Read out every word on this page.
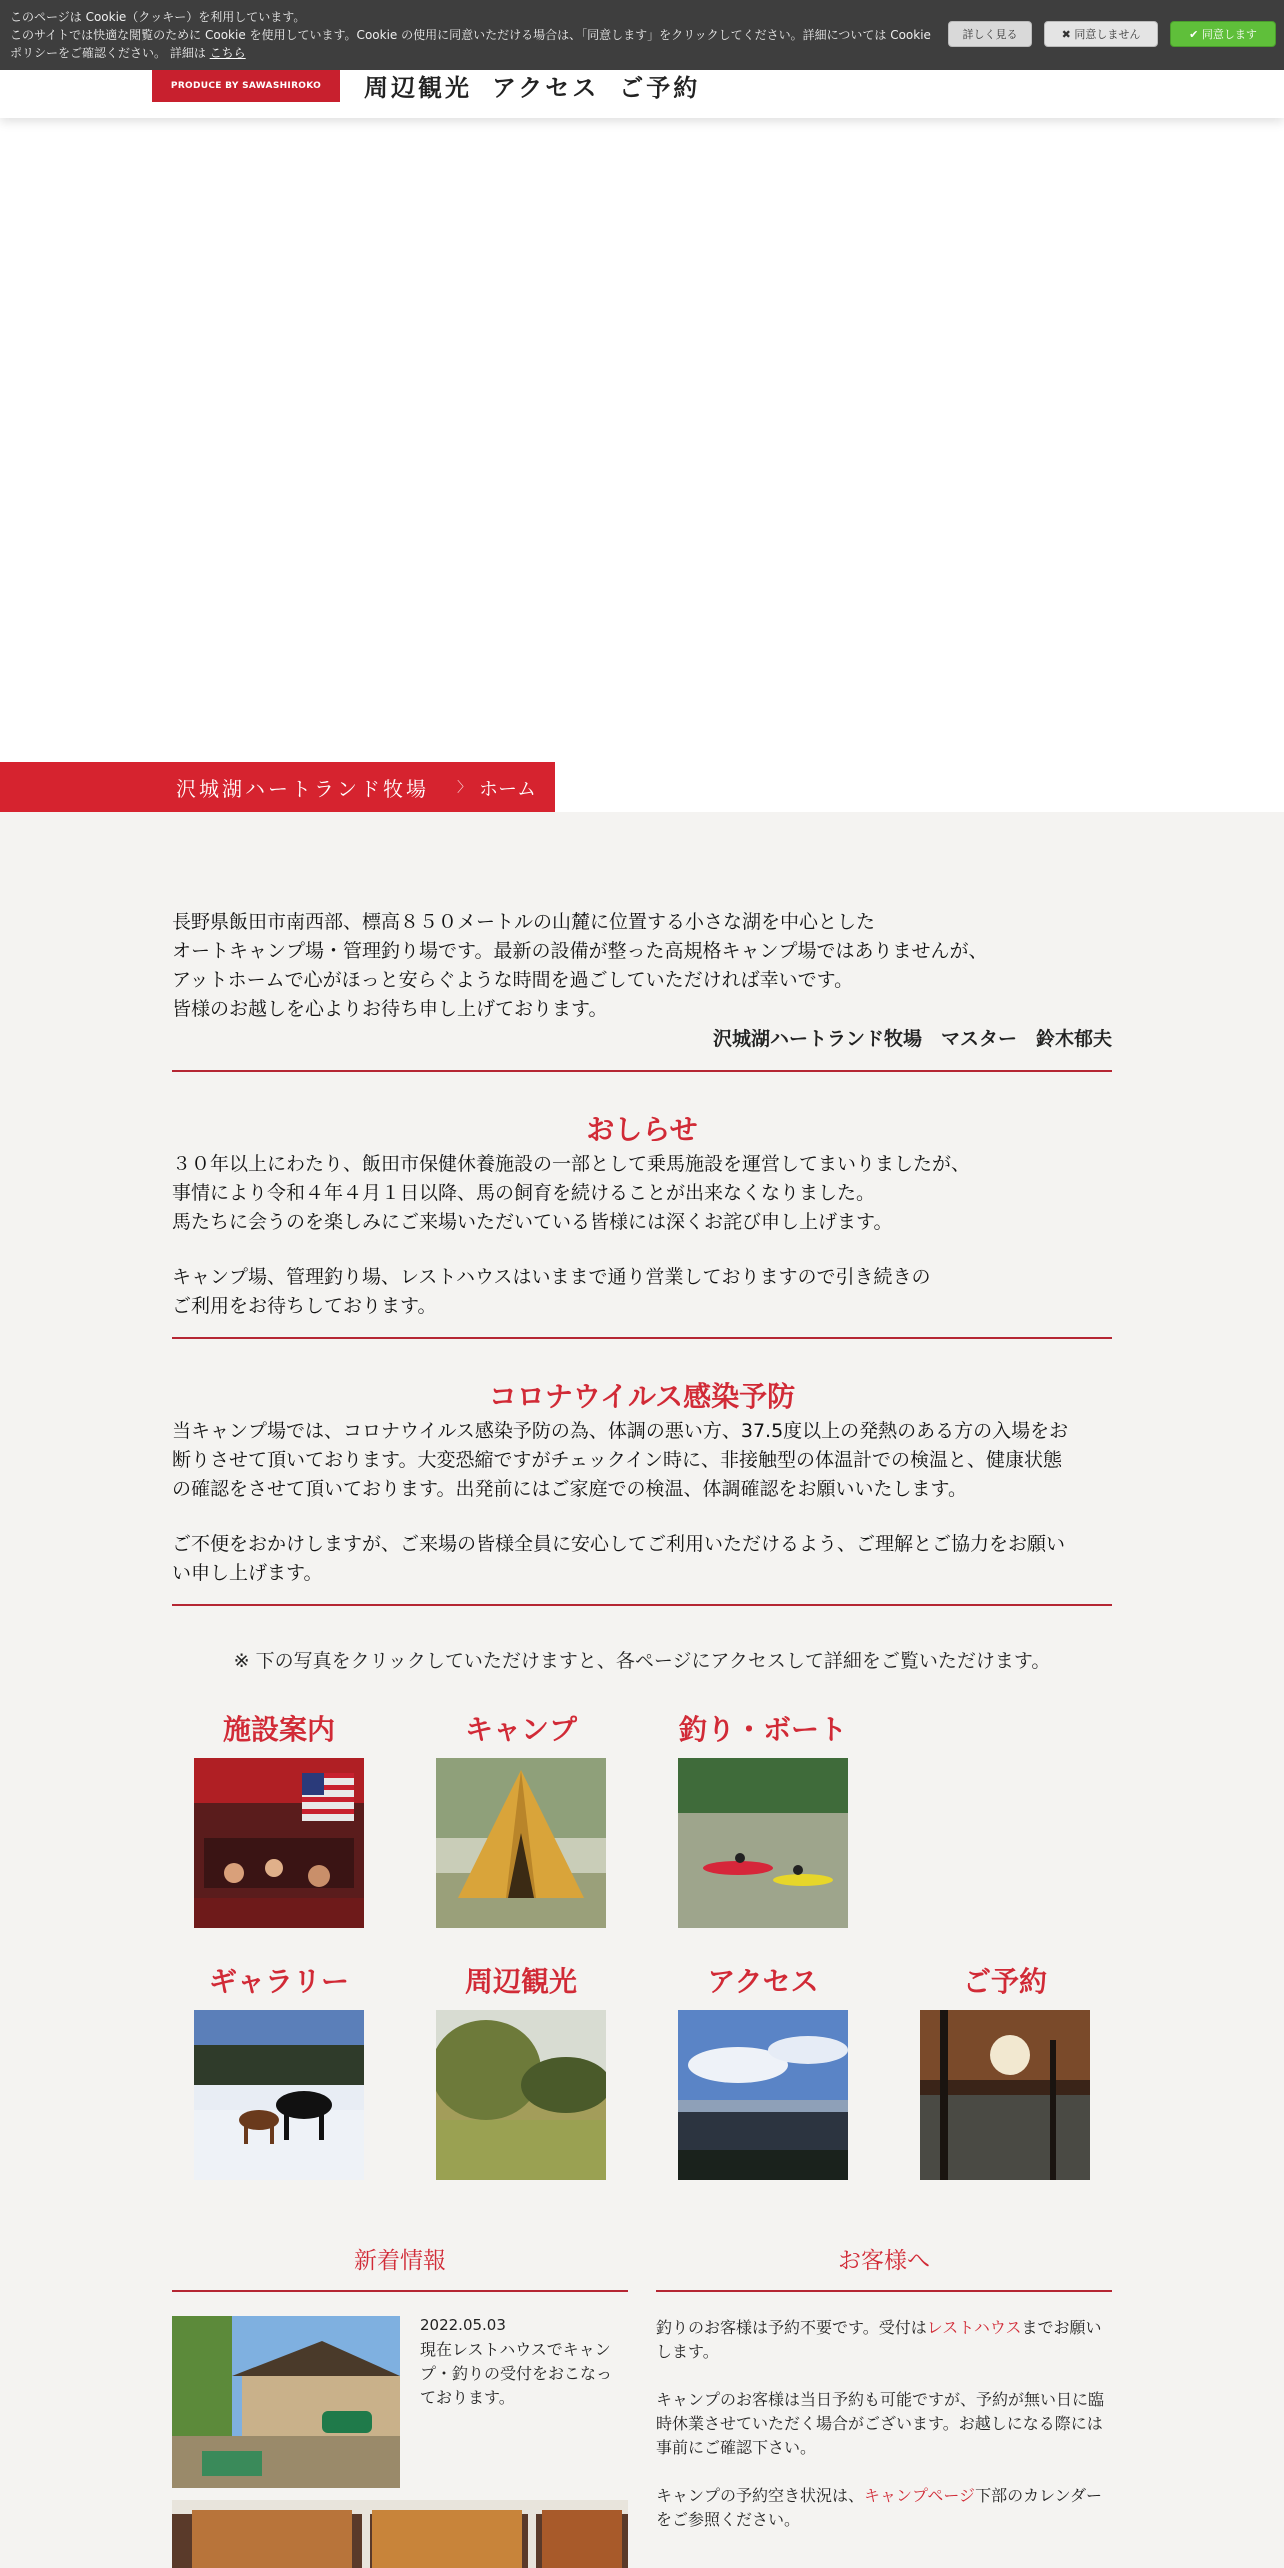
PRODUCE BY SAWASHIROKO	周辺観光 アクセス ご予約
このページは Cookie（クッキー）を利用しています。
このサイトでは快適な閲覧のために Cookie を使用しています。Cookie の使用に同意いただける場合は、「同意します」をクリックしてください。詳細については Cookie ポリシーをご確認ください。 詳細は こちら
詳しく見る	✖ 同意しません	✔ 同意します
沢城湖ハートランド牧場 〉 ホーム
長野県飯田市南西部、標高８５０メートルの山麓に位置する小さな湖を中心とした
オートキャンプ場・管理釣り場です。最新の設備が整った高規格キャンプ場ではありませんが、
アットホームで心がほっと安らぐような時間を過ごしていただければ幸いです。
皆様のお越しを心よりお待ち申し上げております。
沢城湖ハートランド牧場　マスター　鈴木郁夫
おしらせ
３０年以上にわたり、飯田市保健休養施設の一部として乗馬施設を運営してまいりましたが、
事情により令和４年４月１日以降、馬の飼育を続けることが出来なくなりました。
馬たちに会うのを楽しみにご来場いただいている皆様には深くお詫び申し上げます。
キャンプ場、管理釣り場、レストハウスはいままで通り営業しておりますので引き続きの
ご利用をお待ちしております。
コロナウイルス感染予防
当キャンプ場では、コロナウイルス感染予防の為、体調の悪い方、37.5度以上の発熱のある方の入場をお
断りさせて頂いております。大変恐縮ですがチェックイン時に、非接触型の体温計での検温と、健康状態
の確認をさせて頂いております。出発前にはご家庭での検温、体調確認をお願いいたします。
ご不便をおかけしますが、ご来場の皆様全員に安心してご利用いただけるよう、ご理解とご協力をお願い
い申し上げます。
※ 下の写真をクリックしていただけますと、各ページにアクセスして詳細をご覧いただけます。
施設案内	キャンプ	釣り・ボート
ギャラリー	周辺観光	アクセス	ご予約
新着情報	お客様へ
2022.05.03
現在レストハウスでキャンプ・釣りの受付をおこなっております。
釣りのお客様は予約不要です。受付はレストハウスまでお願いします。
キャンプのお客様は当日予約も可能ですが、予約が無い日に臨時休業させていただく場合がございます。お越しになる際には事前にご確認下さい。
キャンプの予約空き状況は、キャンプページ下部のカレンダーをご参照ください。
